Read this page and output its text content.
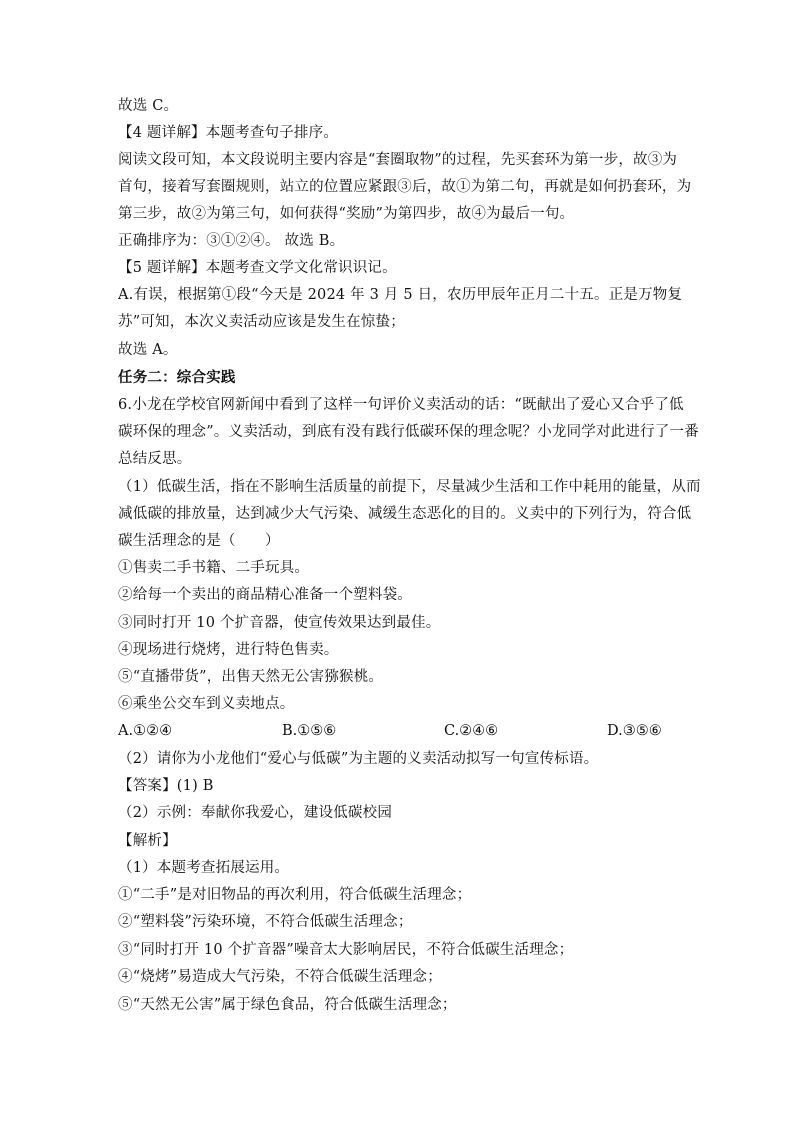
故选 C。
【4 题详解】本题考查句子排序。
阅读文段可知，本文段说明主要内容是“套圈取物”的过程，先买套环为第一步，故③为
首句，接着写套圈规则，站立的位置应紧跟③后，故①为第二句，再就是如何扔套环，为
第三步，故②为第三句，如何获得“奖励”为第四步，故④为最后一句。
正确排序为：③①②④。 故选 B。
【5 题详解】本题考查文学文化常识识记。
A.有误，根据第①段“今天是 2024 年 3 月 5 日，农历甲辰年正月二十五。正是万物复
苏”可知，本次义卖活动应该是发生在惊蛰；
故选 A。
任务二：综合实践
6.小龙在学校官网新闻中看到了这样一句评价义卖活动的话：“既献出了爱心又合乎了低
碳环保的理念”。义卖活动，到底有没有践行低碳环保的理念呢？小龙同学对此进行了一番
总结反思。
（1）低碳生活，指在不影响生活质量的前提下，尽量减少生活和工作中耗用的能量，从而
减低碳的排放量，达到减少大气污染、减缓生态恶化的目的。义卖中的下列行为，符合低
碳生活理念的是（　　）
①售卖二手书籍、二手玩具。
②给每一个卖出的商品精心准备一个塑料袋。
③同时打开 10 个扩音器，使宣传效果达到最佳。
④现场进行烧烤，进行特色售卖。
⑤“直播带货”，出售天然无公害猕猴桃。
⑥乘坐公交车到义卖地点。
A.①②④	B.①⑤⑥	C.②④⑥	D.③⑤⑥
（2）请你为小龙他们“爱心与低碳”为主题的义卖活动拟写一句宣传标语。
【答案】(1) B
（2）示例：奉献你我爱心，建设低碳校园
【解析】
（1）本题考查拓展运用。
①“二手”是对旧物品的再次利用，符合低碳生活理念；
②“塑料袋”污染环境，不符合低碳生活理念；
③“同时打开 10 个扩音器”噪音太大影响居民，不符合低碳生活理念；
④“烧烤”易造成大气污染，不符合低碳生活理念；
⑤“天然无公害”属于绿色食品，符合低碳生活理念；
